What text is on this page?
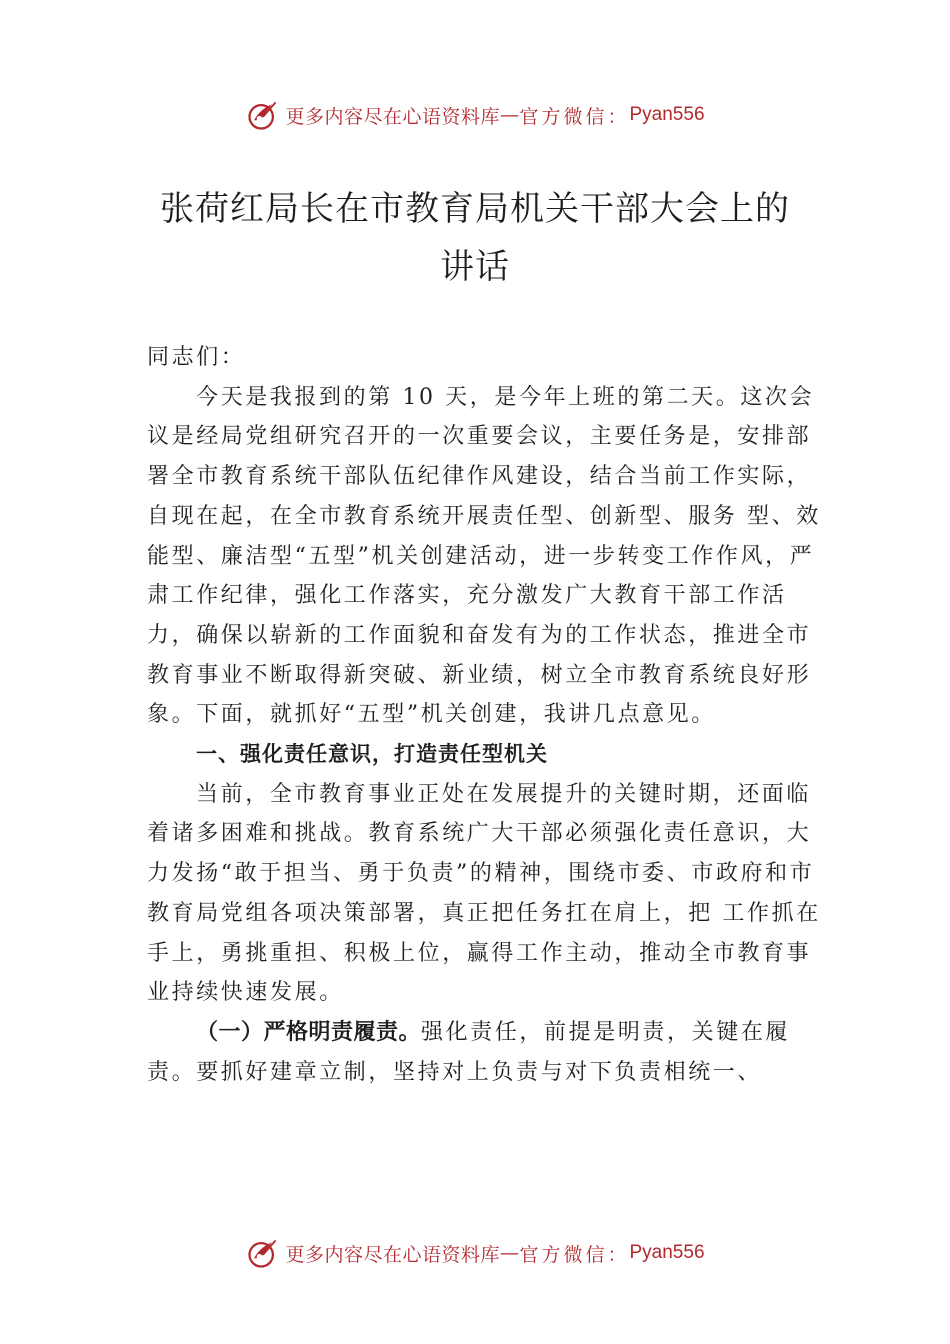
更多内容尽在心语资料库 — 官方微信： Pyan556
张荷红局长在市教育局机关干部大会上的
讲话

同志们：

今天是我报到的第 10 天，是今年上班的第二天。这次会议是经局党组研究召开的一次重要会议，主要任务是，安排部署全市教育系统干部队伍纪律作风建设，结合当前工作实际，自现在起，在全市教育系统开展责任型、创新型、服务 型、效能型、廉洁型“五型”机关创建活动，进一步转变工作作风，严肃工作纪律，强化工作落实，充分激发广大教育干部工作活力，确保以崭新的工作面貌和奋发有为的工作状态，推进全市教育事业不断取得新突破、新业绩，树立全市教育系统良好形象。下面，就抓好“五型”机关创建，我讲几点意见。

一、强化责任意识，打造责任型机关

当前，全市教育事业正处在发展提升的关键时期，还面临着诸多困难和挑战。教育系统广大干部必须强化责任意识，大力发扬“敢于担当、勇于负责”的精神，围绕市委、市政府和市教育局党组各项决策部署，真正把任务扛在肩上，把 工作抓在手上，勇挑重担、积极上位，赢得工作主动，推动全市教育事业持续快速发展。

（一）严格明责履责。强化责任，前提是明责，关键在履责。要抓好建章立制，坚持对上负责与对下负责相统一、

更多内容尽在心语资料库 — 官方微信： Pyan556
